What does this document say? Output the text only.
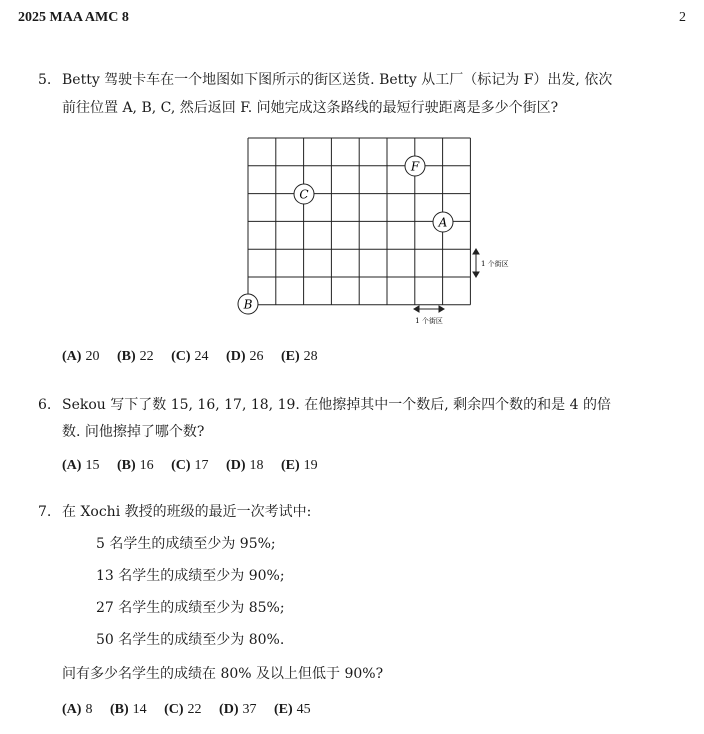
2025 MAA AMC 8	2
5. Betty 驾驶卡车在一个地图如下图所示的街区送货. Betty 从工厂（标记为 F）出发, 依次
前往位置 A, B, C, 然后返回 F. 问她完成这条路线的最短行驶距离是多少个街区?
F
C
A
B
1 个街区
1 个街区
(A) 20 (B) 22 (C) 24 (D) 26 (E) 28
6. Sekou 写下了数 15, 16, 17, 18, 19. 在他擦掉其中一个数后, 剩余四个数的和是 4 的倍
数. 问他擦掉了哪个数?
(A) 15 (B) 16 (C) 17 (D) 18 (E) 19
7. 在 Xochi 教授的班级的最近一次考试中:
5 名学生的成绩至少为 95%;
13 名学生的成绩至少为 90%;
27 名学生的成绩至少为 85%;
50 名学生的成绩至少为 80%.
问有多少名学生的成绩在 80% 及以上但低于 90%?
(A) 8 (B) 14 (C) 22 (D) 37 (E) 45
